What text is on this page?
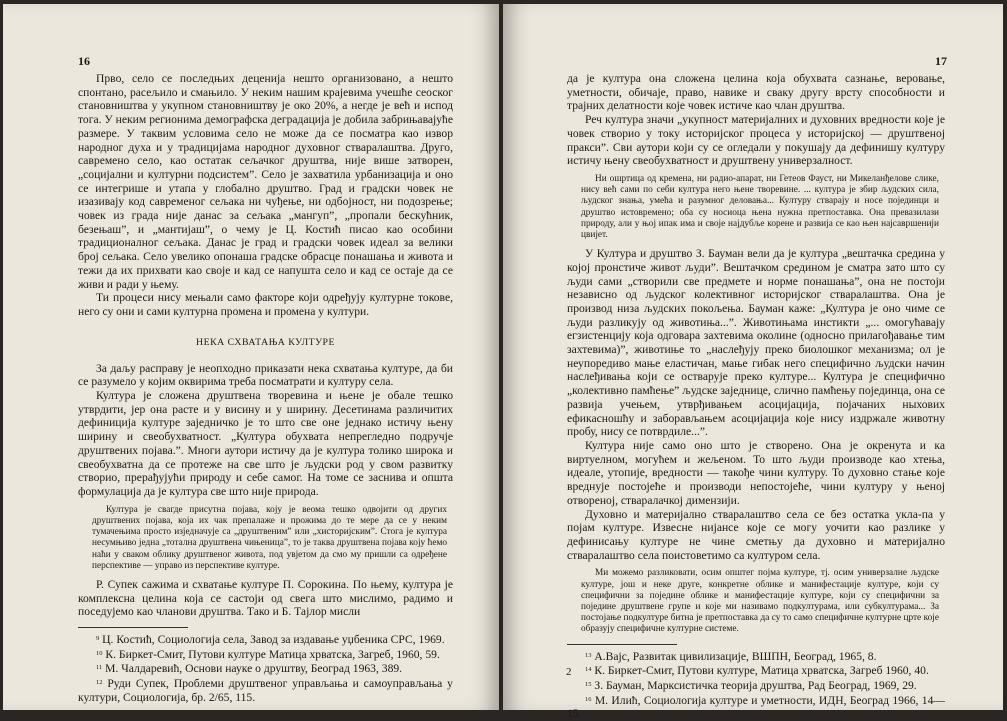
16

Прво, село се последњих деценија нешто организовано, а нешто спонтано, расељило и смањило. У неким нашим крајевима учешће сеоског становништва у укупном становништву је око 20%, а негде је већ и испод тога. У неким регионима демографска деградација је добила забрињавајуће размере. У таквим условима село не може да се посматра као извор народног духа и у традицијама народног духовног стваралаштва. Друго, савремено село, као остатак сељачког друштва, није више затворен, „социјални и културни подсистем”. Село је захватила урбанизација и оно се интегрише и утапа у глобално друштво. Град и градски човек не изазивају код савременог сељака ни чуђење, ни одбојност, ни подозрење; човек из града није данас за сељака „мангуп”, „пропали бескућник, безењаш”, и „мантијаш”, о чему је Ц. Костић писао као особини традиционалног сељака. Данас је град и градски човек идеал за велики број сељака. Село увелико опонаша градске обрасце понашања и живота и тежи да их прихвати као своје и кад се напушта село и кад се остаје да се живи и ради у њему.

Ти процеси нису мењали само факторе који одређују културне токове, него су они и сами културна промена и промена у култури.

НЕКА СХВАТАЊА КУЛТУРЕ

За даљу расправу је неопходно приказати нека схватања културе, да би се разумело у којим оквирима треба посматрати и културу села.

Култура је сложена друштвена творевина и њене је обале тешко утврдити, јер она расте и у висину и у ширину. Десетинама различитих дефиниција културе заједничко је то што све оне једнако истичу њену ширину и свеобухватност. „Култура обухвата непрегледно подручје друштвених појава.”. Многи аутори истичу да је култура толико широка и свеобухватна да се протеже на све што је људски род у свом развитку створио, прерађујући природу и себе самог. На томе се заснива и општа формулација да је култура све што није природа.

Култура је свагде присутна појава, коју је веома тешко одвојити од других друштвених појава, која их чак препалаже и прожима до те мере да се у неким тумачењима просто изједначује са „друштвеним” или „хисторијским”. Стога је култура несумњиво једна „тотална друштвена чињеница”, то је таква друштвена појава коју ћемо наћи у сваком облику друштвеног живота, под увјетом да смо му пришли са одређене перспективе — управо из перспективе културе.

Р. Супек сажима и схватање културе П. Сорокина. По њему, култура је комплексна целина која се састоји од свега што мислимо, радимо и поседујемо као чланови друштва. Тако и Б. Тајлор мисли

$^9$ Ц. Костић, Социологија села, Завод за издавање уџбеника СРС, 1969.

$^{10}$ К. Биркет-Смит, Путови културе Матица хрватска, Загреб, 1960, 59.

$^{11}$ М. Чалдаревић, Основи науке о друштву, Београд 1963, 389.

$^{12}$ Руди Супек, Проблеми друштвеног управљања и самоуправљања у култури, Социологија, бр. 2/65, 115.

17

да је култура она сложена целина која обухвата сазнање, веровање, уметности, обичаје, право, навике и сваку другу врсту способности и трајних делатности које човек истиче као члан друштва.

Реч култура значи „укупност материјалних и духовних вредности које је човек створио у току историјског процеса у историјској — друштвеној пракси”. Сви аутори који су се огледали у покушају да дефинишу културу истичу њену свеобухватност и друштвену универзалност.

Ни ошртица од кремена, ни радио-апарат, ни Гетеов Фауст, ни Микеланђелове слике, нису већ сами по себи култура него њене творевине. ... култура је збир људских сила, људског знања, умећа и разумног деловања... Културу стварају и носе појединци и друштво истовремено; оба су носиоца њена нужна претпоставка. Она превазилази природу, али у њој ипак има и своје најдубље корене и развија се као њен најсавршенији цвијет.

У Култура и друштво З. Бауман вели да је култура „вештачка средина у којој пронстиче живот људи”. Вештачком средином је сматра зато што су људи сами „створили све предмете и норме понашања”, она не постоји независно од људског колективног историјског стваралаштва. Она је производ низа људских покољења. Бауман каже: „Култура је оно чиме се људи разликују од животиња...”. Животињама инстикти „... омогућавају егзистенцију која одговара захтевима околине (односно прилагођавање тим захтевима)”, животиње то „наслеђују преко биолошког механизма; ол је неупоредиво мање еластичан, мање гибак него специфично људски начин наслеђивања који се остварује преко културе... Култура је специфично „колективно памћење” људске заједнице, слично памћењу појединца, она се развија учењем, утврђивањем асоцијација, појачаних ныхових ефикасношћу и заборављањем асоцијација које нису издржале животну пробу, нису се потврдиле...”.

Култура није само оно што је створено. Она је окренута и ка виртуелном, могућем и жељеном. То што људи производе као хтења, идеале, утопије, вредности — такође чини културу. То духовно стање које вреднује постојеће и производи непостојеће, чини културу у њеној отвореној, стваралачкој димензији.

Духовно и материјално стваралаштво села се без остатка укла-па у појам културе. Извесне нијансе које се могу уочити као разлике у дефинисању културе не чине сметњу да духовно и материјално стваралаштво села поистоветимо са културом села.

Ми можемо разликовати, осим општег појма културе, тј. осим универзалне људске културе, још и неке друге, конкретне облике и манифестације културе, који су специфични за поједине облике и манифестације културе, који су специфични за поједине друштвене групе и које ми називамо подкултурама, или субкултурама... За постојање подкултуре битна је претпоставка да су то само специфичне културне црте које образују специфичне културне системе.

$^{13}$ А.Вајс, Развитак цивилизације, ВШПН, Београд, 1965, 8.

$^{14}$ К. Биркет-Смит, Путови културе, Матица хрватска, Загреб 1960, 40.

$^{15}$ З. Бауман, Марксистичка теорија друштва, Рад Београд, 1969, 29.

$^{16}$ М. Илић, Социологија културе и уметности, ИДН, Београд 1966, 14—15.

2
